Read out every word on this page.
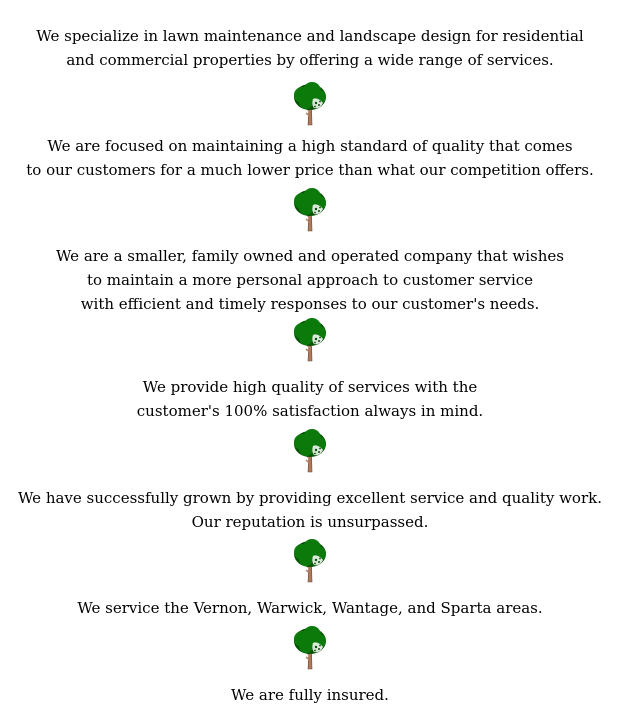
We specialize in lawn maintenance and landscape design for residential
and commercial properties by offering a wide range of services.

We are focused on maintaining a high standard of quality that comes
to our customers for a much lower price than what our competition offers.

We are a smaller, family owned and operated company that wishes
to maintain a more personal approach to customer service
with efficient and timely responses to our customer's needs.

We provide high quality of services with the
customer's 100% satisfaction always in mind.

We have successfully grown by providing excellent service and quality work.
Our reputation is unsurpassed.

We service the Vernon, Warwick, Wantage, and Sparta areas.

We are fully insured.
